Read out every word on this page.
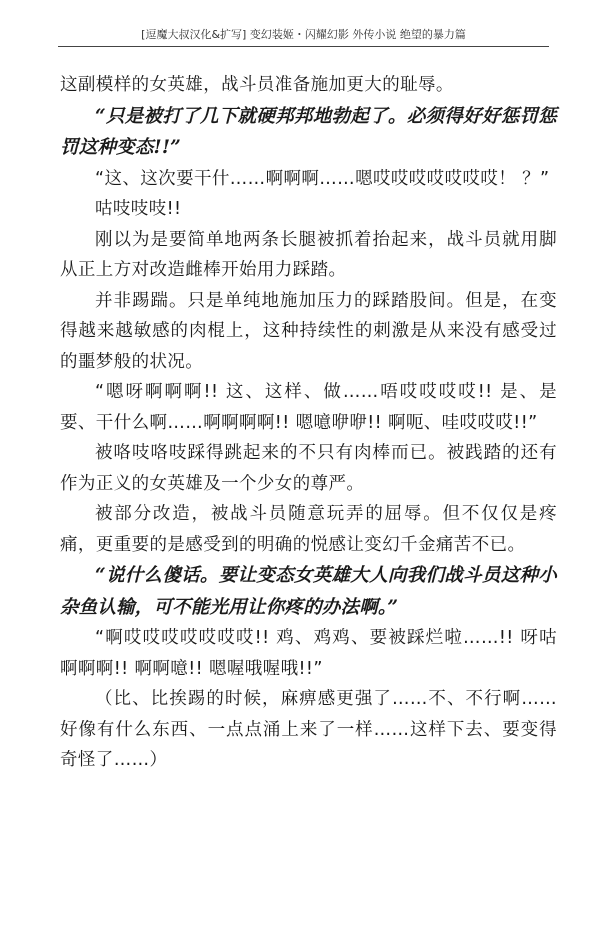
[逗魔大叔汉化&扩写] 变幻装姬・闪耀幻影 外传小说 绝望的暴力篇

这副模样的女英雄，战斗员准备施加更大的耻辱。

“只是被打了几下就硬邦邦地勃起了。必须得好好惩罚惩罚这种变态!!”

“这、这次要干什……啊啊啊……嗯哎哎哎哎哎哎哎！ ？”

咕吱吱吱!!

刚以为是要简单地两条长腿被抓着抬起来，战斗员就用脚从正上方对改造雌棒开始用力踩踏。

并非踢踹。只是单纯地施加压力的踩踏股间。但是，在变得越来越敏感的肉棍上，这种持续性的刺激是从来没有感受过的噩梦般的状况。

“嗯呀啊啊啊!! 这、这样、做……唔哎哎哎哎!! 是、是要、干什么啊……啊啊啊啊!! 嗯噫咿咿!! 啊呃、哇哎哎哎!!”

被咯吱咯吱踩得跳起来的不只有肉棒而已。被践踏的还有作为正义的女英雄及一个少女的尊严。

被部分改造，被战斗员随意玩弄的屈辱。但不仅仅是疼痛，更重要的是感受到的明确的悦感让变幻千金痛苦不已。

“说什么傻话。要让变态女英雄大人向我们战斗员这种小杂鱼认输，可不能光用让你疼的办法啊。”

“啊哎哎哎哎哎哎哎!! 鸡、鸡鸡、要被踩烂啦……!! 呀咕啊啊啊!! 啊啊噫!! 嗯喔哦喔哦!!”

（比、比挨踢的时候，麻痹感更强了……不、不行啊……好像有什么东西、一点点涌上来了一样……这样下去、要变得奇怪了……）
